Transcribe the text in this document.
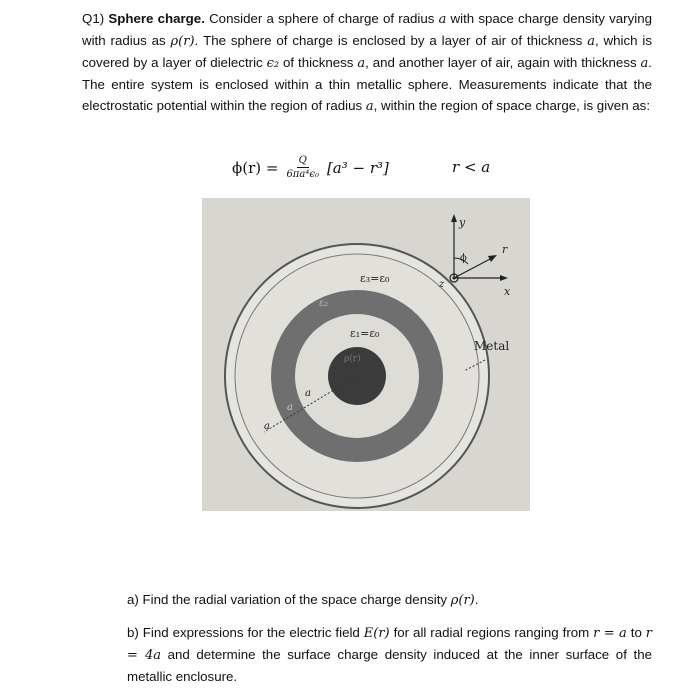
Q1) Sphere charge. Consider a sphere of charge of radius a with space charge density varying with radius as ρ(r). The sphere of charge is enclosed by a layer of air of thickness a, which is covered by a layer of dielectric ϵ₂ of thickness a, and another layer of air, again with thickness a. The entire system is enclosed within a thin metallic sphere. Measurements indicate that the electrostatic potential within the region of radius a, within the region of space charge, is given as:

$\phi(r) = \frac{Q}{\text{6πa⁴ϵ₀}} [a^3 - r^3]$	r < a
ε₃=ε₀
ε₁=ε₀
ε₂
ρ(r)
Metal
a
a
a
y
z
x
r
ϕ

a) Find the radial variation of the space charge density ρ(r).

b) Find expressions for the electric field E(r) for all radial regions ranging from r = a to r = 4a and determine the surface charge density induced at the inner surface of the metallic enclosure.
